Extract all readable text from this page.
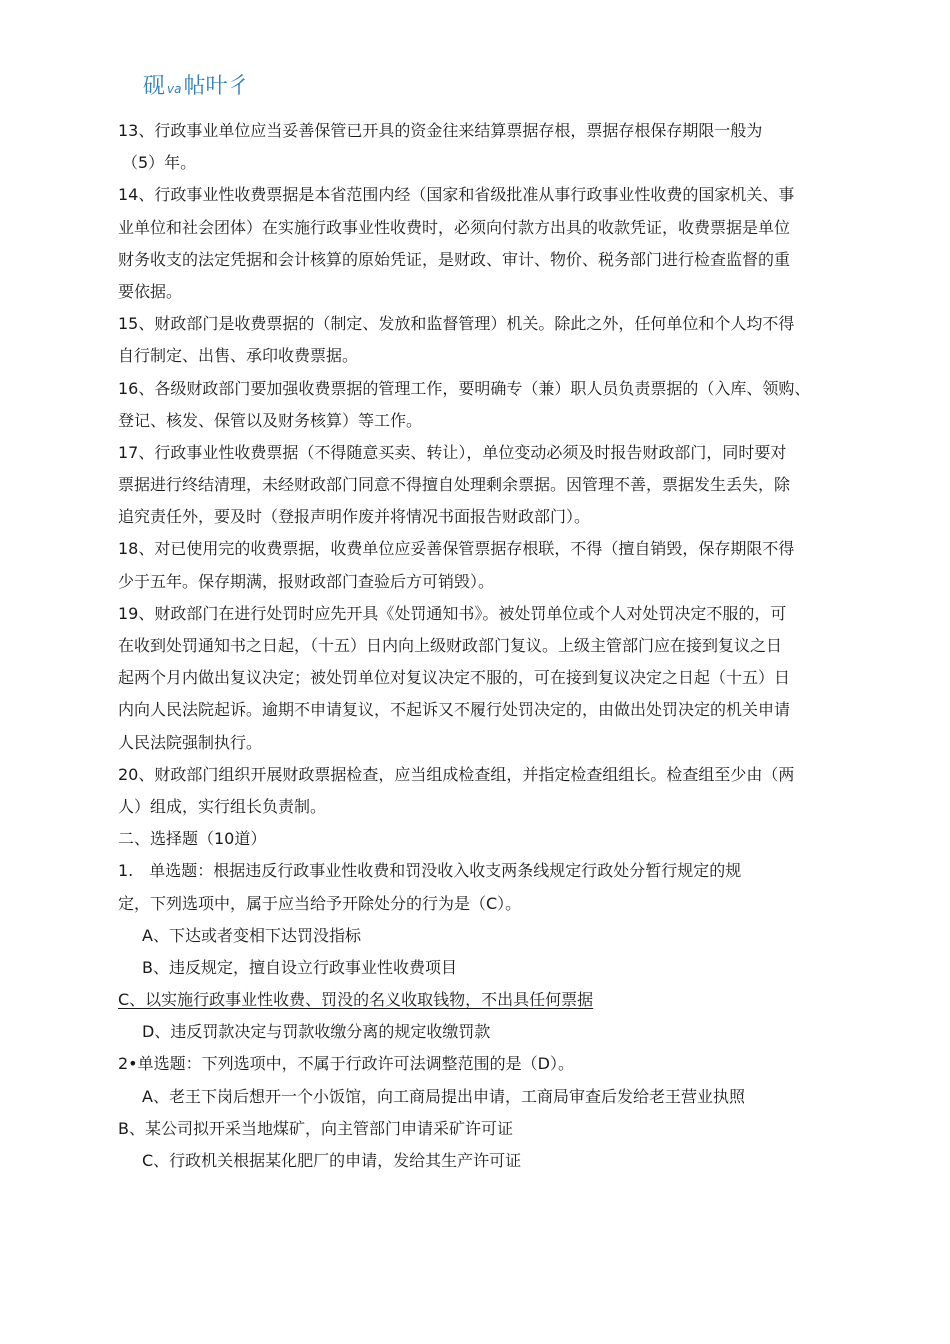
砚va帖叶彳
13、行政事业单位应当妥善保管已开具的资金往来结算票据存根，票据存根保存期限一般为
（5）年。
14、行政事业性收费票据是本省范围内经（国家和省级批准从事行政事业性收费的国家机关、事
业单位和社会团体）在实施行政事业性收费时，必须向付款方出具的收款凭证，收费票据是单位
财务收支的法定凭据和会计核算的原始凭证，是财政、审计、物价、税务部门进行检查监督的重
要依据。
15、财政部门是收费票据的（制定、发放和监督管理）机关。除此之外，任何单位和个人均不得
自行制定、出售、承印收费票据。
16、各级财政部门要加强收费票据的管理工作，要明确专（兼）职人员负责票据的（入库、领购、
登记、核发、保管以及财务核算）等工作。
17、行政事业性收费票据（不得随意买卖、转让），单位变动必须及时报告财政部门，同时要对
票据进行终结清理，未经财政部门同意不得擅自处理剩余票据。因管理不善，票据发生丢失，除
追究责任外，要及时（登报声明作废并将情况书面报告财政部门）。
18、对已使用完的收费票据，收费单位应妥善保管票据存根联，不得（擅自销毁，保存期限不得
少于五年。保存期满，报财政部门查验后方可销毁）。
19、财政部门在进行处罚时应先开具《处罚通知书》。被处罚单位或个人对处罚决定不服的，可
在收到处罚通知书之日起，（十五）日内向上级财政部门复议。上级主管部门应在接到复议之日
起两个月内做出复议决定；被处罚单位对复议决定不服的，可在接到复议决定之日起（十五）日
内向人民法院起诉。逾期不申请复议，不起诉又不履行处罚决定的，由做出处罚决定的机关申请
人民法院强制执行。
20、财政部门组织开展财政票据检查，应当组成检查组，并指定检查组组长。检查组至少由（两
人）组成，实行组长负责制。
二、选择题（10道）
1.　单选题：根据违反行政事业性收费和罚没收入收支两条线规定行政处分暂行规定的规
定，下列选项中，属于应当给予开除处分的行为是（C）。
A、下达或者变相下达罚没指标
B、违反规定，擅自设立行政事业性收费项目
C、以实施行政事业性收费、罚没的名义收取钱物，不出具任何票据
D、违反罚款决定与罚款收缴分离的规定收缴罚款
2•单选题：下列选项中，不属于行政许可法调整范围的是（D）。
A、老王下岗后想开一个小饭馆，向工商局提出申请，工商局审查后发给老王营业执照
B、某公司拟开采当地煤矿，向主管部门申请采矿许可证
C、行政机关根据某化肥厂的申请，发给其生产许可证
